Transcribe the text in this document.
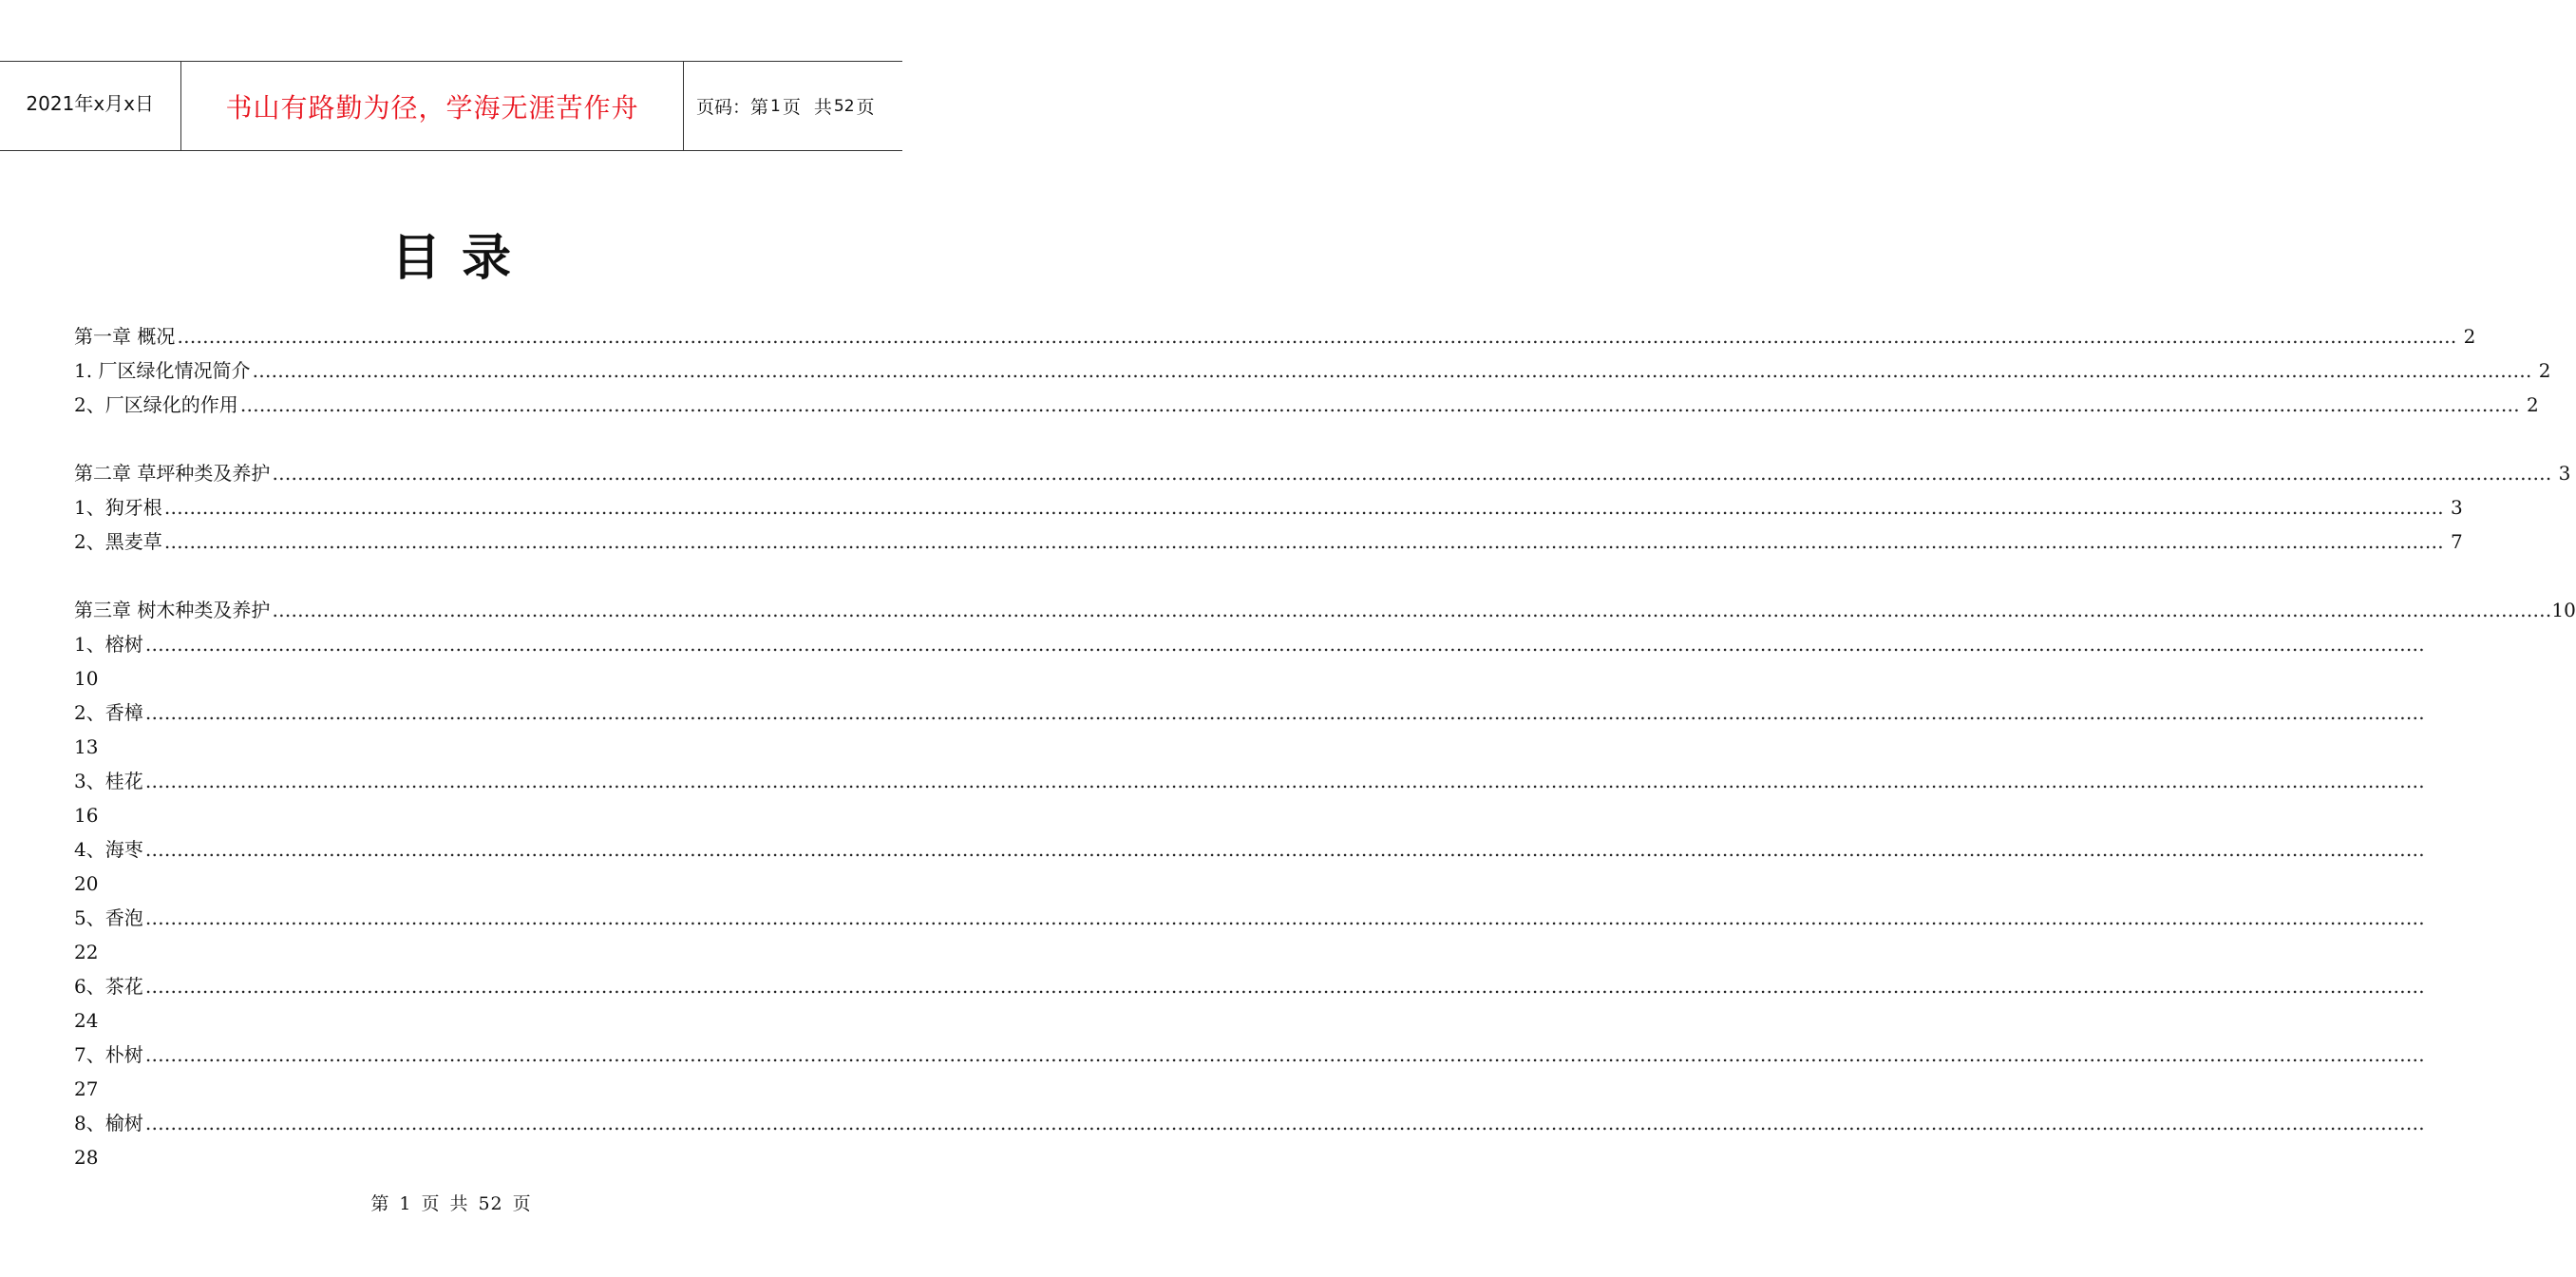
2021年x月x日	书山有路勤为径，学海无涯苦作舟	页码：第 1 页 共 52 页
目录
第一章 概况 ……………………………………………………………………………………………………………………………………………………………………………………………………………………………………………………………………………………………………………………………… 2
1. 厂区绿化情况简介 ……………………………………………………………………………………………………………………………………………………………………………………………………………………………………………………………………………………………………………………………… 2
2、厂区绿化的作用 ……………………………………………………………………………………………………………………………………………………………………………………………………………………………………………………………………………………………………………………………… 2
第二章 草坪种类及养护 ……………………………………………………………………………………………………………………………………………………………………………………………………………………………………………………………………………………………………………………………… 3
1、狗牙根 ……………………………………………………………………………………………………………………………………………………………………………………………………………………………………………………………………………………………………………………………… 3
2、黑麦草 ……………………………………………………………………………………………………………………………………………………………………………………………………………………………………………………………………………………………………………………………… 7
第三章 树木种类及养护 ……………………………………………………………………………………………………………………………………………………………………………………………………………………………………………………………………………………………………………………………… 10
1、榕树 ………………………………………………………………………………………………………………………………………………………………………………………………………………………………………………………………………………………………………………………………
10
2、香樟 ………………………………………………………………………………………………………………………………………………………………………………………………………………………………………………………………………………………………………………………………
13
3、桂花 ………………………………………………………………………………………………………………………………………………………………………………………………………………………………………………………………………………………………………………………………
16
4、海枣 ………………………………………………………………………………………………………………………………………………………………………………………………………………………………………………………………………………………………………………………………
20
5、香泡 ………………………………………………………………………………………………………………………………………………………………………………………………………………………………………………………………………………………………………………………………
22
6、茶花 ………………………………………………………………………………………………………………………………………………………………………………………………………………………………………………………………………………………………………………………………
24
7、朴树 ………………………………………………………………………………………………………………………………………………………………………………………………………………………………………………………………………………………………………………………………
27
8、榆树 ………………………………………………………………………………………………………………………………………………………………………………………………………………………………………………………………………………………………………………………………
28
第 1 页 共 52 页
